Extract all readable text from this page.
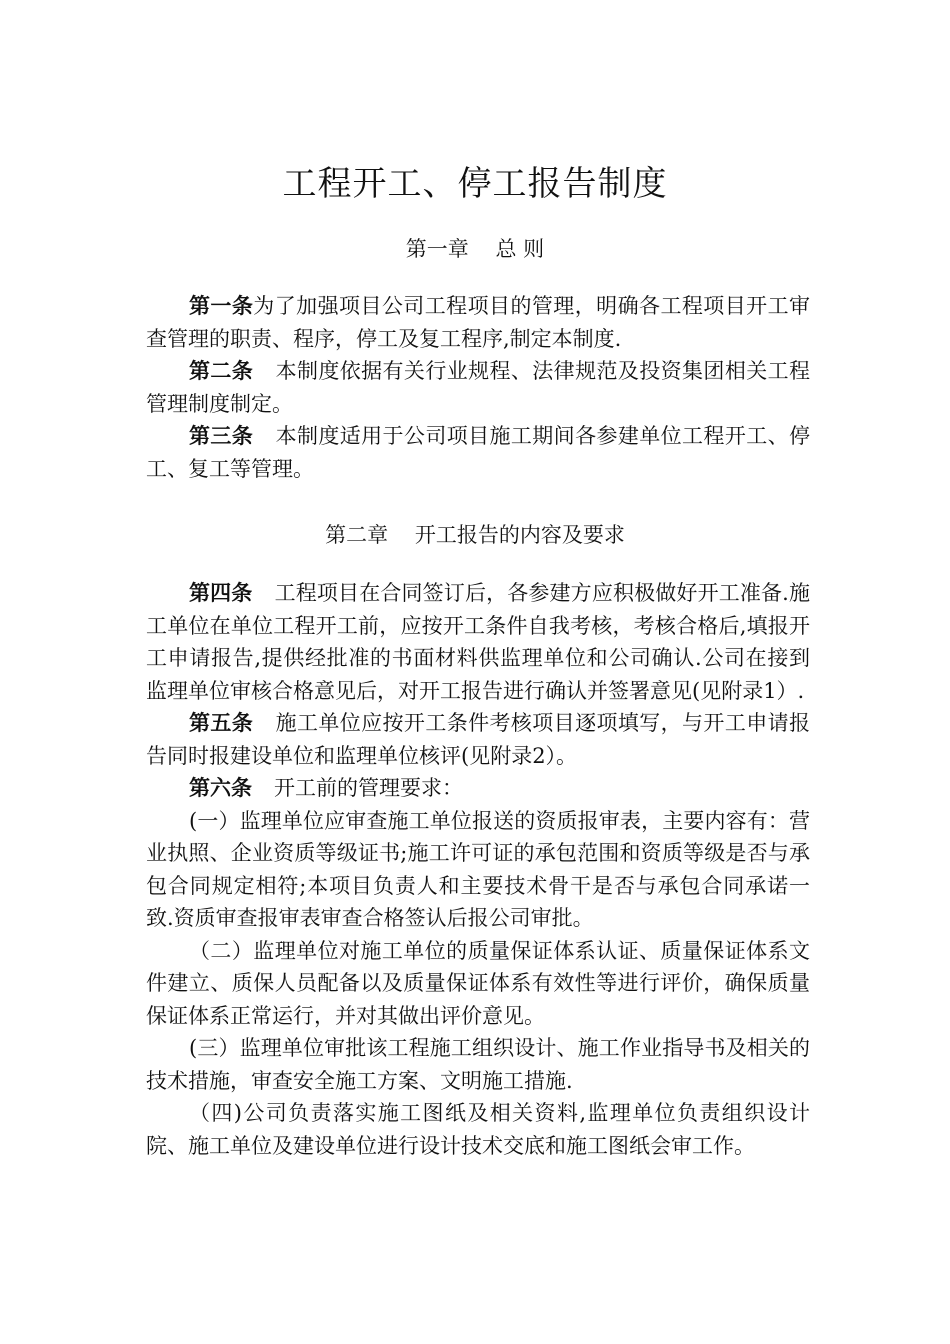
工程开工、停工报告制度
第一章    总 则

第一条为了加强项目公司工程项目的管理，明确各工程项目开工审查管理的职责、程序，停工及复工程序,制定本制度.

第二条 本制度依据有关行业规程、法律规范及投资集团相关工程管理制度制定。

第三条 本制度适用于公司项目施工期间各参建单位工程开工、停工、复工等管理。

第二章    开工报告的内容及要求

第四条 工程项目在合同签订后，各参建方应积极做好开工准备.施工单位在单位工程开工前，应按开工条件自我考核，考核合格后,填报开工申请报告,提供经批准的书面材料供监理单位和公司确认.公司在接到监理单位审核合格意见后，对开工报告进行确认并签署意见(见附录1）.

第五条 施工单位应按开工条件考核项目逐项填写，与开工申请报告同时报建设单位和监理单位核评(见附录2）。

第六条 开工前的管理要求：

(一）监理单位应审查施工单位报送的资质报审表，主要内容有：营业执照、企业资质等级证书;施工许可证的承包范围和资质等级是否与承包合同规定相符;本项目负责人和主要技术骨干是否与承包合同承诺一致.资质审查报审表审查合格签认后报公司审批。

（二）监理单位对施工单位的质量保证体系认证、质量保证体系文件建立、质保人员配备以及质量保证体系有效性等进行评价，确保质量保证体系正常运行，并对其做出评价意见。

(三）监理单位审批该工程施工组织设计、施工作业指导书及相关的技术措施，审查安全施工方案、文明施工措施.

（四)公司负责落实施工图纸及相关资料,监理单位负责组织设计院、施工单位及建设单位进行设计技术交底和施工图纸会审工作。
